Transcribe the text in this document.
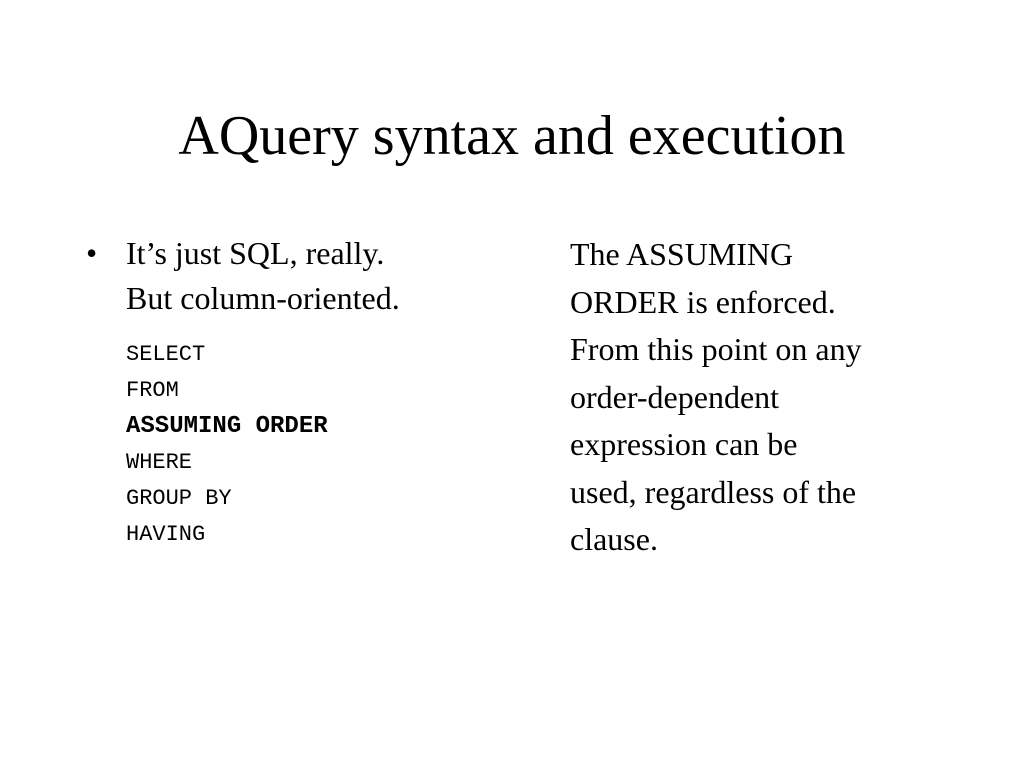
AQuery syntax and execution
• It’s just SQL, really.
But column-oriented.
SELECT
FROM
ASSUMING ORDER
WHERE
GROUP BY
HAVING
The ASSUMING
ORDER is enforced.
From this point on any
order-dependent
expression can be
used, regardless of the
clause.
